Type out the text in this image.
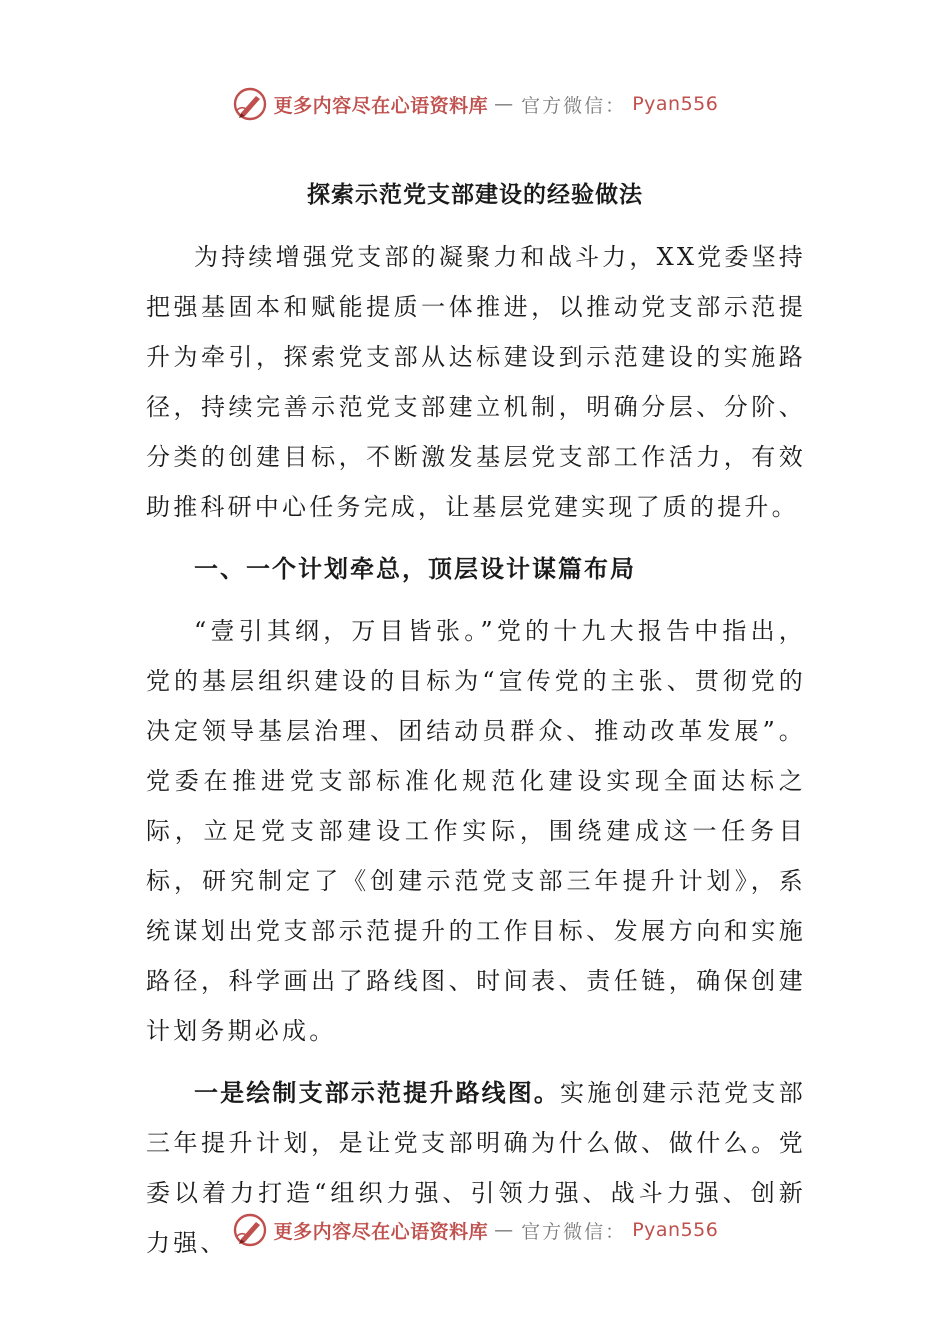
更多内容尽在心语资料库 — 官方微信： Pyan556
探索示范党支部建设的经验做法

为持续增强党支部的凝聚力和战斗力，XX党委坚持把强基固本和赋能提质一体推进，以推动党支部示范提升为牵引，探索党支部从达标建设到示范建设的实施路径，持续完善示范党支部建立机制，明确分层、分阶、分类的创建目标，不断激发基层党支部工作活力，有效助推科研中心任务完成，让基层党建实现了质的提升。

一、一个计划牵总，顶层设计谋篇布局

“壹引其纲，万目皆张。”党的十九大报告中指出，党的基层组织建设的目标为“宣传党的主张、贯彻党的决定领导基层治理、团结动员群众、推动改革发展”。党委在推进党支部标准化规范化建设实现全面达标之际，立足党支部建设工作实际，围绕建成这一任务目标，研究制定了《创建示范党支部三年提升计划》，系统谋划出党支部示范提升的工作目标、发展方向和实施路径，科学画出了路线图、时间表、责任链，确保创建计划务期必成。

一是绘制支部示范提升路线图。实施创建示范党支部三年提升计划，是让党支部明确为什么做、做什么。党委以着力打造“组织力强、引领力强、战斗力强、创新力强、	更多内容尽在心语资料库 — 官方微信： Pyan556
